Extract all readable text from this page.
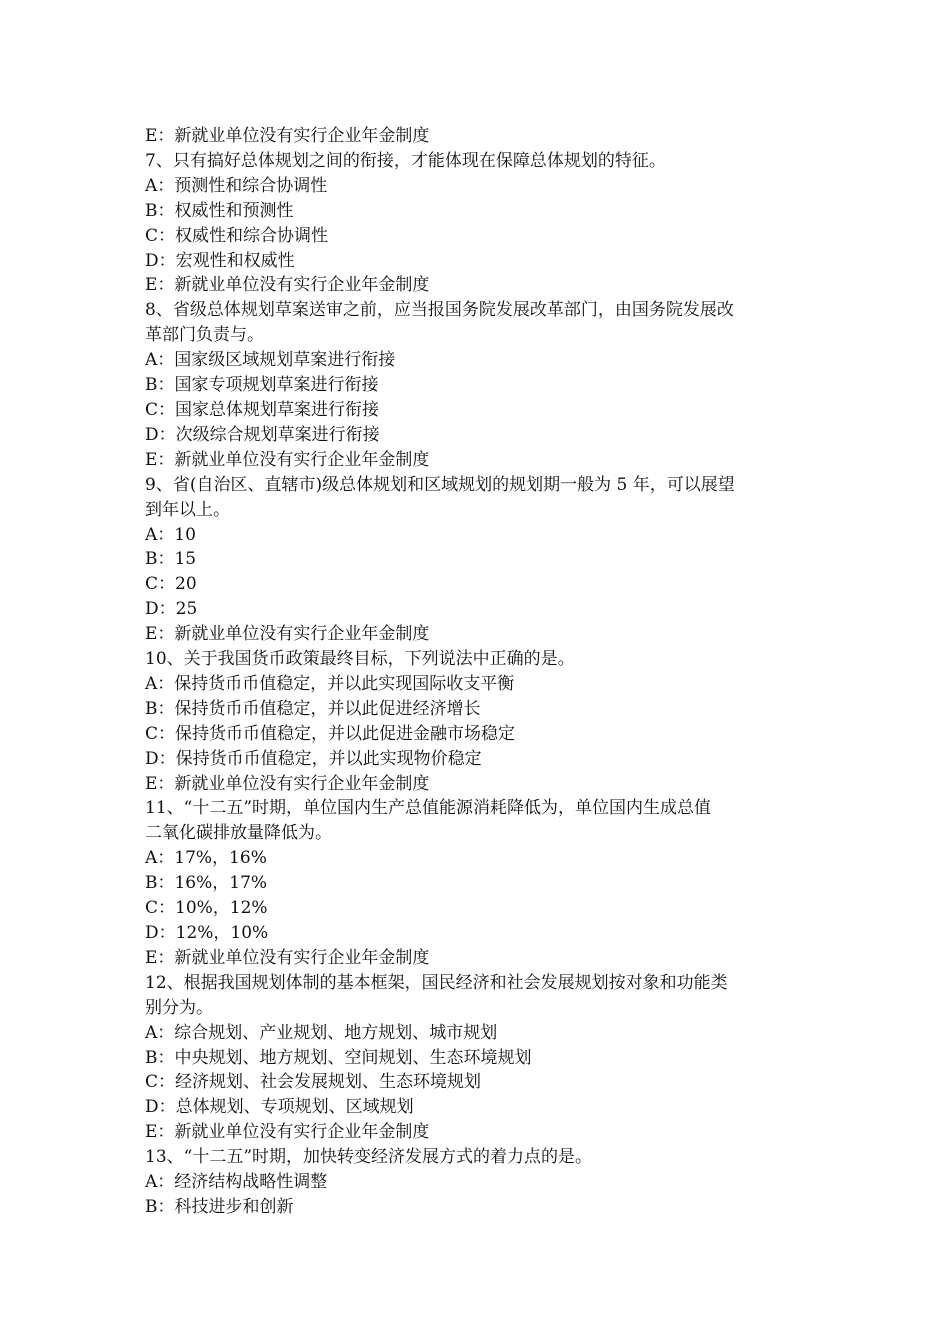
E：新就业单位没有实行企业年金制度

7、只有搞好总体规划之间的衔接，才能体现在保障总体规划的特征。

A：预测性和综合协调性

B：权威性和预测性

C：权威性和综合协调性

D：宏观性和权威性

E：新就业单位没有实行企业年金制度

8、省级总体规划草案送审之前，应当报国务院发展改革部门，由国务院发展改

革部门负责与。

A：国家级区域规划草案进行衔接

B：国家专项规划草案进行衔接

C：国家总体规划草案进行衔接

D：次级综合规划草案进行衔接

E：新就业单位没有实行企业年金制度

9、省(自治区、直辖市)级总体规划和区域规划的规划期一般为 5 年，可以展望

到年以上。

A：10

B：15

C：20

D：25

E：新就业单位没有实行企业年金制度

10、关于我国货币政策最终目标，下列说法中正确的是。

A：保持货币币值稳定，并以此实现国际收支平衡

B：保持货币币值稳定，并以此促进经济增长

C：保持货币币值稳定，并以此促进金融市场稳定

D：保持货币币值稳定，并以此实现物价稳定

E：新就业单位没有实行企业年金制度

11、“十二五”时期，单位国内生产总值能源消耗降低为，单位国内生成总值

二氧化碳排放量降低为。

A：17%，16%

B：16%，17%

C：10%，12%

D：12%，10%

E：新就业单位没有实行企业年金制度

12、根据我国规划体制的基本框架，国民经济和社会发展规划按对象和功能类

别分为。

A：综合规划、产业规划、地方规划、城市规划

B：中央规划、地方规划、空间规划、生态环境规划

C：经济规划、社会发展规划、生态环境规划

D：总体规划、专项规划、区域规划

E：新就业单位没有实行企业年金制度

13、“十二五”时期，加快转变经济发展方式的着力点的是。

A：经济结构战略性调整

B：科技进步和创新
